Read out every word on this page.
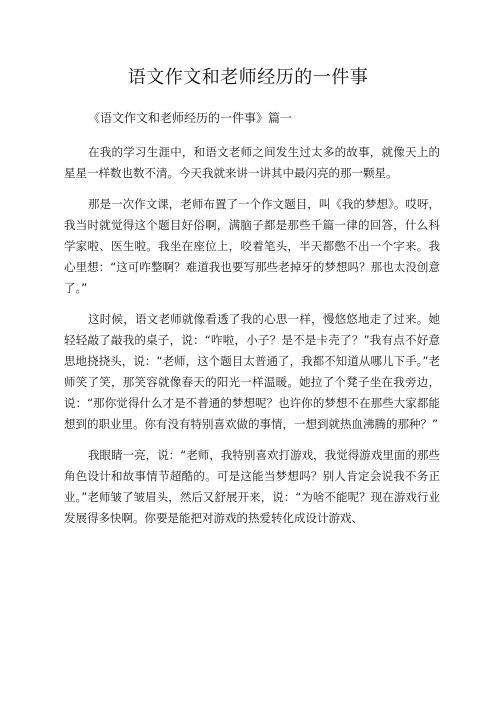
语文作文和老师经历的一件事
《语文作文和老师经历的一件事》篇一

在我的学习生涯中，和语文老师之间发生过太多的故事，就像天上的星星一样数也数不清。今天我就来讲一讲其中最闪亮的那一颗星。

那是一次作文课，老师布置了一个作文题目，叫《我的梦想》。哎呀，我当时就觉得这个题目好俗啊，满脑子都是那些千篇一律的回答，什么科学家啦、医生啦。我坐在座位上，咬着笔头，半天都憋不出一个字来。我心里想：“这可咋整啊？难道我也要写那些老掉牙的梦想吗？那也太没创意了。”

这时候，语文老师就像看透了我的心思一样，慢悠悠地走了过来。她轻轻敲了敲我的桌子，说：“咋啦，小子？是不是卡壳了？”我有点不好意思地挠挠头，说：“老师，这个题目太普通了，我都不知道从哪儿下手。”老师笑了笑，那笑容就像春天的阳光一样温暖。她拉了个凳子坐在我旁边，说：“那你觉得什么才是不普通的梦想呢？也许你的梦想不在那些大家都能想到的职业里。你有没有特别喜欢做的事情，一想到就热血沸腾的那种？”

我眼睛一亮，说：“老师，我特别喜欢打游戏，我觉得游戏里面的那些角色设计和故事情节超酷的。可是这能当梦想吗？别人肯定会说我不务正业。”老师皱了皱眉头，然后又舒展开来，说：“为啥不能呢？现在游戏行业发展得多快啊。你要是能把对游戏的热爱转化成设计游戏、
